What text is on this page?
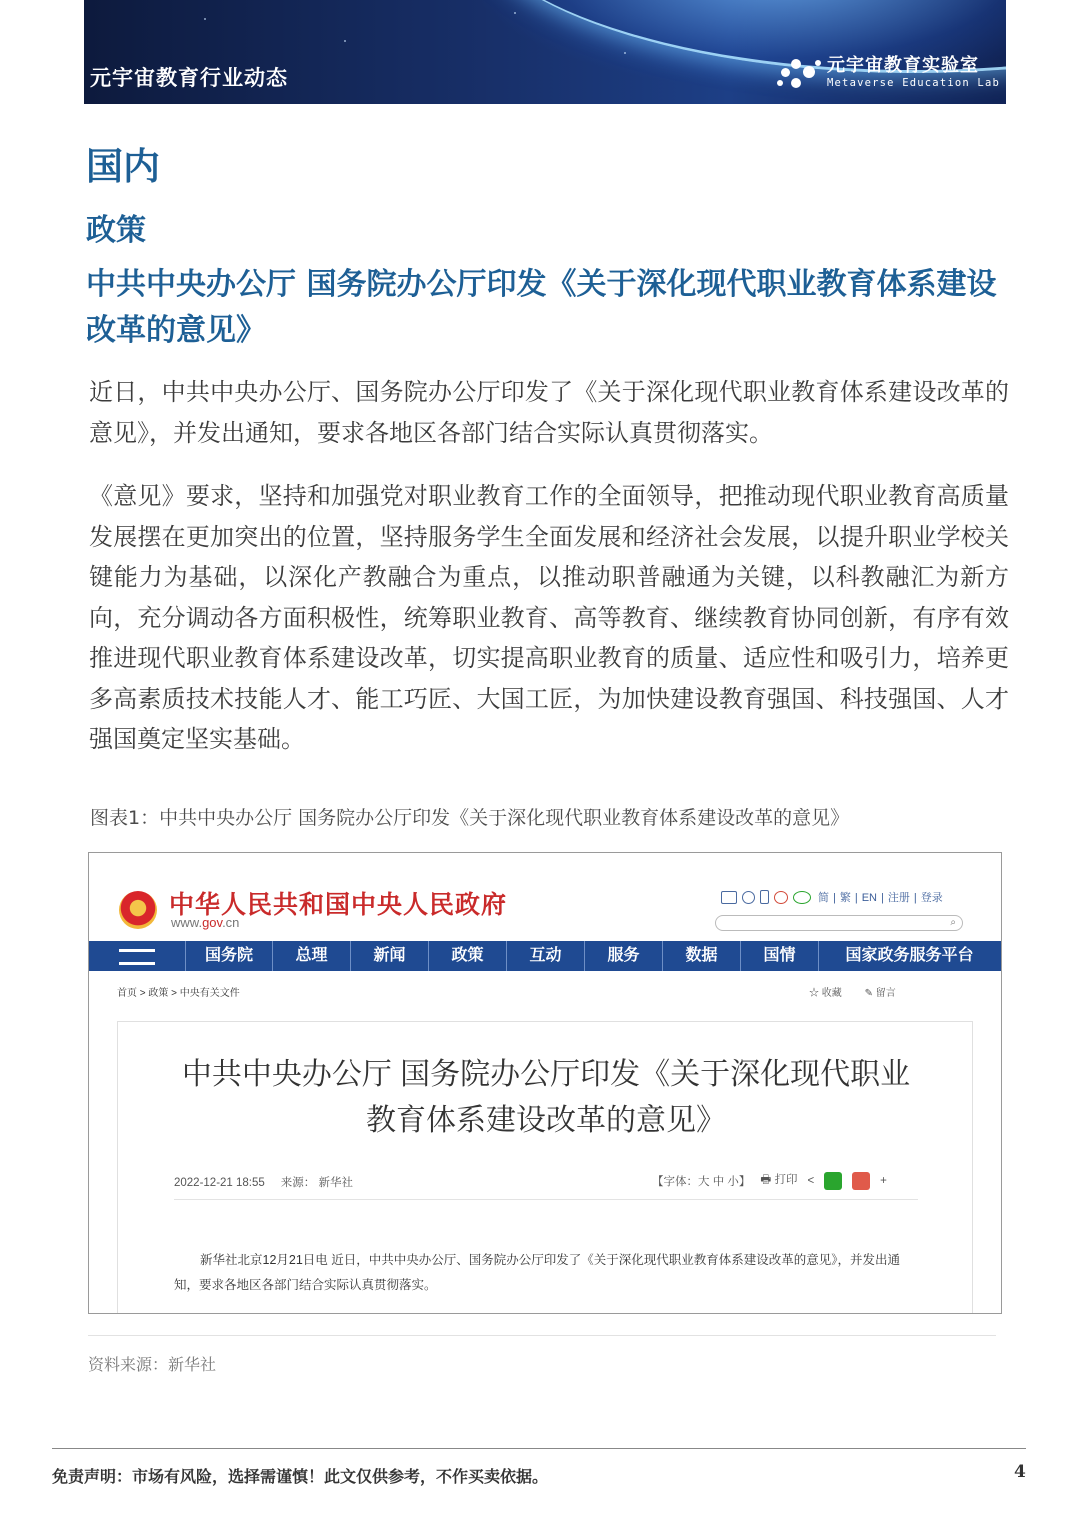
元宇宙教育行业动态	元宇宙教育实验室
Metaverse Education Lab
国内
政策
中共中央办公厅 国务院办公厅印发《关于深化现代职业教育体系建设改革的意见》
近日，中共中央办公厅、国务院办公厅印发了《关于深化现代职业教育体系建设改革的意见》，并发出通知，要求各地区各部门结合实际认真贯彻落实。
《意见》要求，坚持和加强党对职业教育工作的全面领导，把推动现代职业教育高质量发展摆在更加突出的位置，坚持服务学生全面发展和经济社会发展，以提升职业学校关键能力为基础，以深化产教融合为重点，以推动职普融通为关键，以科教融汇为新方向，充分调动各方面积极性，统筹职业教育、高等教育、继续教育协同创新，有序有效推进现代职业教育体系建设改革，切实提高职业教育的质量、适应性和吸引力，培养更多高素质技术技能人才、能工巧匠、大国工匠，为加快建设教育强国、科技强国、人才强国奠定坚实基础。
图表1：中共中央办公厅 国务院办公厅印发《关于深化现代职业教育体系建设改革的意见》
中华人民共和国中央人民政府
www.gov.cn
简 | 繁 | EN | 注册 | 登录
⌕
国务院	总理	新闻	政策	互动	服务	数据	国情	国家政务服务平台
首页 > 政策 > 中央有关文件	☆ 收藏 ✎ 留言
中共中央办公厅 国务院办公厅印发《关于深化现代职业教育体系建设改革的意见》
2022-12-21 18:55 来源： 新华社	【字体：大 中 小】 🖶 打印 <	+
新华社北京12月21日电 近日，中共中央办公厅、国务院办公厅印发了《关于深化现代职业教育体系建设改革的意见》，并发出通知，要求各地区各部门结合实际认真贯彻落实。
资料来源：新华社
免责声明：市场有风险，选择需谨慎！此文仅供参考，不作买卖依据。	4
